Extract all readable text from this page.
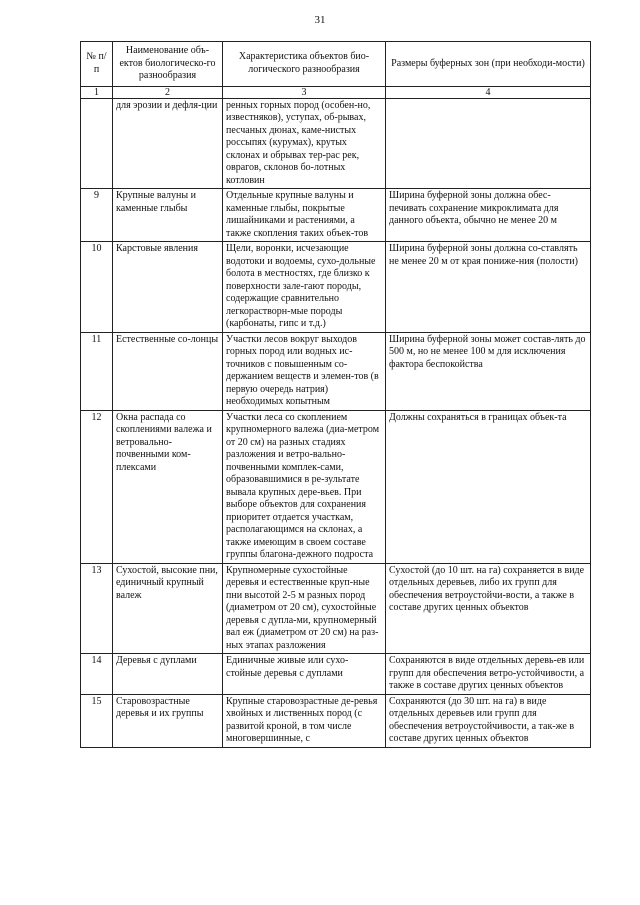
31
№ п/п	Наименование объ-ектов биологическо-го разнообразия	Характеристика объектов био-логического разнообразия	Размеры буферных зон (при необходи-мости)
1	2	3	4
	для эрозии и дефля-ции	ренных горных пород (особен-но, известняков), уступах, об-рывах, песчаных дюнах, каме-нистых россыпях (курумах), крутых склонах и обрывах тер-рас рек, оврагов, склонов бо-лотных котловин	
9	Крупные валуны и каменные глыбы	Отдельные крупные валуны и каменные глыбы, покрытые лишайниками и растениями, а также скопления таких объек-тов	Ширина буферной зоны должна обес-печивать сохранение микроклимата для данного объекта, обычно не менее 20 м
10	Карстовые явления	Щели, воронки, исчезающие водотоки и водоемы, сухо-дольные болота в местностях, где близко к поверхности зале-гают породы, содержащие сравнительно легкорастворн-мые породы (карбонаты, гипс и т.д.)	Ширина буферной зоны должна со-ставлять не менее 20 м от края пониже-ния (полости)
11	Естественные со-лонцы	Участки лесов вокруг выходов горных пород или водных ис-точников с повышенным со-держанием веществ и элемен-тов (в первую очередь натрия) необходимых копытным	Ширина буферной зоны может состав-лять до 500 м, но не менее 100 м для исключения фактора беспокойства
12	Окна распада со скоплениями валежа и ветровально-почвенными ком-плексами	Участки леса со скоплением крупномерного валежа (диа-метром от 20 см) на разных стадиях разложения и ветро-вально-почвенными комплек-сами, образовавшимися в ре-зультате вывала крупных дере-вьев. При выборе объектов для сохранения приоритет отдается участкам, располагающимся на склонах, а также имеющим в своем составе группы благона-дежного подроста	Должны сохраняться в границах объек-та
13	Сухостой, высокие пни, единичный крупный валеж	Крупномерные сухостойные деревья и естественные круп-ные пни высотой 2-5 м разных пород (диаметром от 20 см), сухостойные деревья с дупла-ми, крупномерный вал еж (диаметром от 20 см) на раз-ных этапах разложения	Сухостой (до 10 шт. на га) сохраняется в виде отдельных деревьев, либо их групп для обеспечения ветроустойчи-вости, а также в составе других ценных объектов
14	Деревья с дуплами	Единичные живые или сухо-стойные деревья с дуплами	Сохраняются в виде отдельных деревь-ев или групп для обеспечения ветро-устойчивости, а также в составе других ценных объектов
15	Старовозрастные деревья и их группы	Крупные старовозрастные де-ревья хвойных и лиственных пород (с развитой кроной, в том числе многовершинные, с	Сохраняются (до 30 шт. на га) в виде отдельных деревьев или групп для обеспечения ветроустойчивости, а так-же в составе других ценных объектов
